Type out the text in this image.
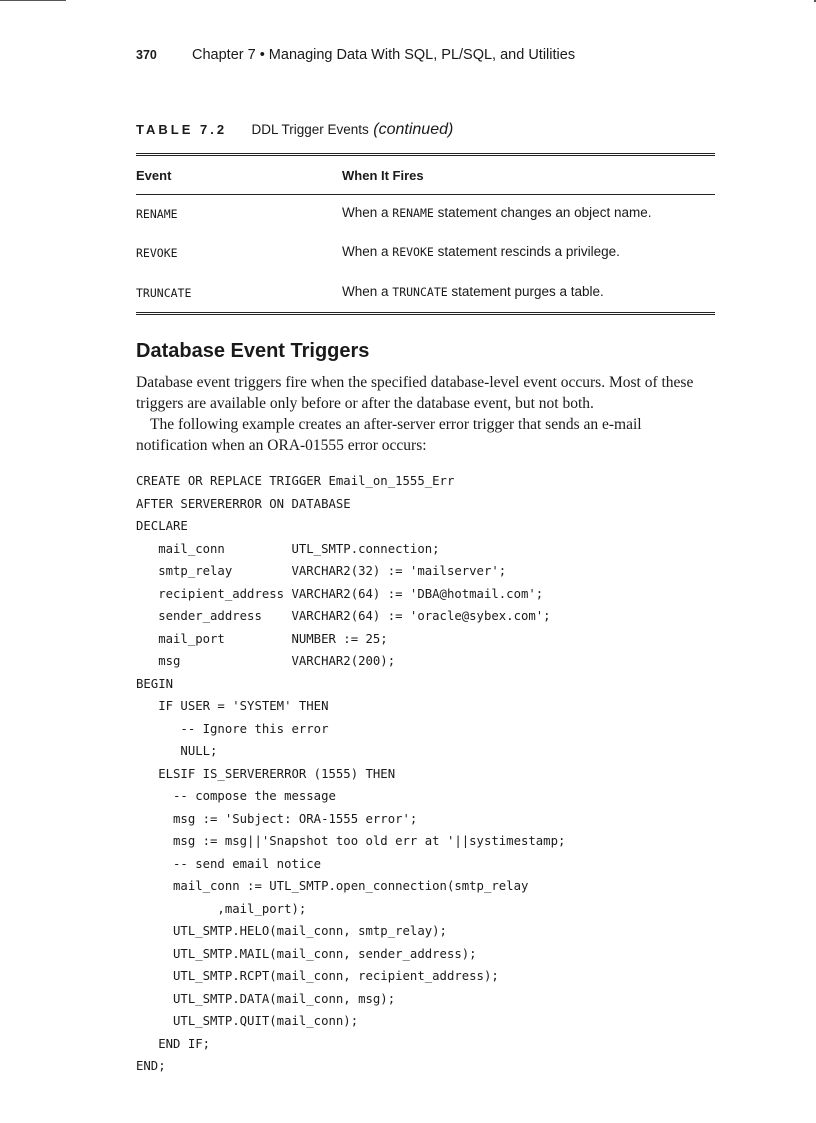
370 Chapter 7 • Managing Data With SQL, PL/SQL, and Utilities
TABLE 7.2 DDL Trigger Events (continued)
Event	When It Fires
RENAME	When a RENAME statement changes an object name.
REVOKE	When a REVOKE statement rescinds a privilege.
TRUNCATE	When a TRUNCATE statement purges a table.
Database Event Triggers

Database event triggers fire when the specified database-level event occurs. Most of these triggers are available only before or after the database event, but not both.

The following example creates an after-server error trigger that sends an e-mail notification when an ORA-01555 error occurs:

CREATE OR REPLACE TRIGGER Email_on_1555_Err
AFTER SERVERERROR ON DATABASE
DECLARE
mail_conn         UTL_SMTP.connection;
smtp_relay        VARCHAR2(32) := 'mailserver';
recipient_address VARCHAR2(64) := 'DBA@hotmail.com';
sender_address    VARCHAR2(64) := 'oracle@sybex.com';
mail_port         NUMBER := 25;
msg               VARCHAR2(200);
BEGIN
IF USER = 'SYSTEM' THEN
-- Ignore this error
NULL;
ELSIF IS_SERVERERROR (1555) THEN
-- compose the message
msg := 'Subject: ORA-1555 error';
msg := msg||'Snapshot too old err at '||systimestamp;
-- send email notice
mail_conn := UTL_SMTP.open_connection(smtp_relay
,mail_port);
UTL_SMTP.HELO(mail_conn, smtp_relay);
UTL_SMTP.MAIL(mail_conn, sender_address);
UTL_SMTP.RCPT(mail_conn, recipient_address);
UTL_SMTP.DATA(mail_conn, msg);
UTL_SMTP.QUIT(mail_conn);
END IF;
END;
